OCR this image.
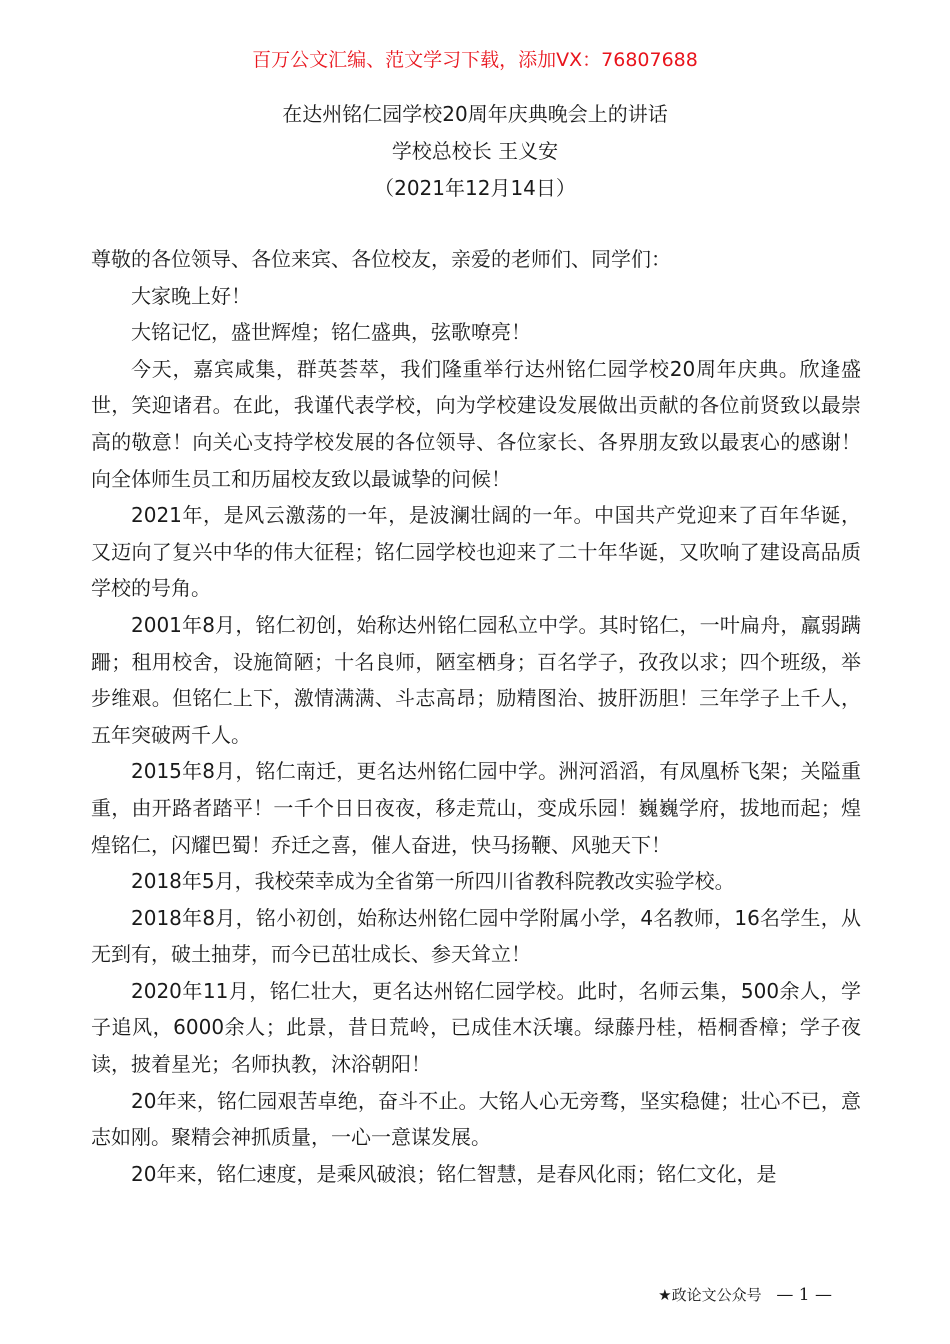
百万公文汇编、范文学习下载，添加VX：76807688
在达州铭仁园学校20周年庆典晚会上的讲话
学校总校长 王义安
（2021年12月14日）

尊敬的各位领导、各位来宾、各位校友，亲爱的老师们、同学们：

大家晚上好！

大铭记忆，盛世辉煌；铭仁盛典，弦歌嘹亮！

今天，嘉宾咸集，群英荟萃，我们隆重举行达州铭仁园学校20周年庆典。欣逢盛世，笑迎诸君。在此，我谨代表学校，向为学校建设发展做出贡献的各位前贤致以最崇高的敬意！向关心支持学校发展的各位领导、各位家长、各界朋友致以最衷心的感谢！向全体师生员工和历届校友致以最诚挚的问候！

2021年，是风云激荡的一年，是波澜壮阔的一年。中国共产党迎来了百年华诞，又迈向了复兴中华的伟大征程；铭仁园学校也迎来了二十年华诞，又吹响了建设高品质学校的号角。

2001年8月，铭仁初创，始称达州铭仁园私立中学。其时铭仁，一叶扁舟，羸弱蹒跚；租用校舍，设施简陋；十名良师，陋室栖身；百名学子，孜孜以求；四个班级，举步维艰。但铭仁上下，激情满满、斗志高昂；励精图治、披肝沥胆！三年学子上千人，五年突破两千人。

2015年8月，铭仁南迁，更名达州铭仁园中学。洲河滔滔，有凤凰桥飞架；关隘重重，由开路者踏平！一千个日日夜夜，移走荒山，变成乐园！巍巍学府，拔地而起；煌煌铭仁，闪耀巴蜀！乔迁之喜，催人奋进，快马扬鞭、风驰天下！

2018年5月，我校荣幸成为全省第一所四川省教科院教改实验学校。

2018年8月，铭小初创，始称达州铭仁园中学附属小学，4名教师，16名学生，从无到有，破土抽芽，而今已茁壮成长、参天耸立！

2020年11月，铭仁壮大，更名达州铭仁园学校。此时，名师云集，500余人，学子追风，6000余人；此景，昔日荒岭，已成佳木沃壤。绿藤丹桂，梧桐香樟；学子夜读，披着星光；名师执教，沐浴朝阳！

20年来，铭仁园艰苦卓绝，奋斗不止。大铭人心无旁骛，坚实稳健；壮心不已，意志如刚。聚精会神抓质量，一心一意谋发展。

20年来，铭仁速度，是乘风破浪；铭仁智慧，是春风化雨；铭仁文化，是

★政论文公众号 — 1 —
